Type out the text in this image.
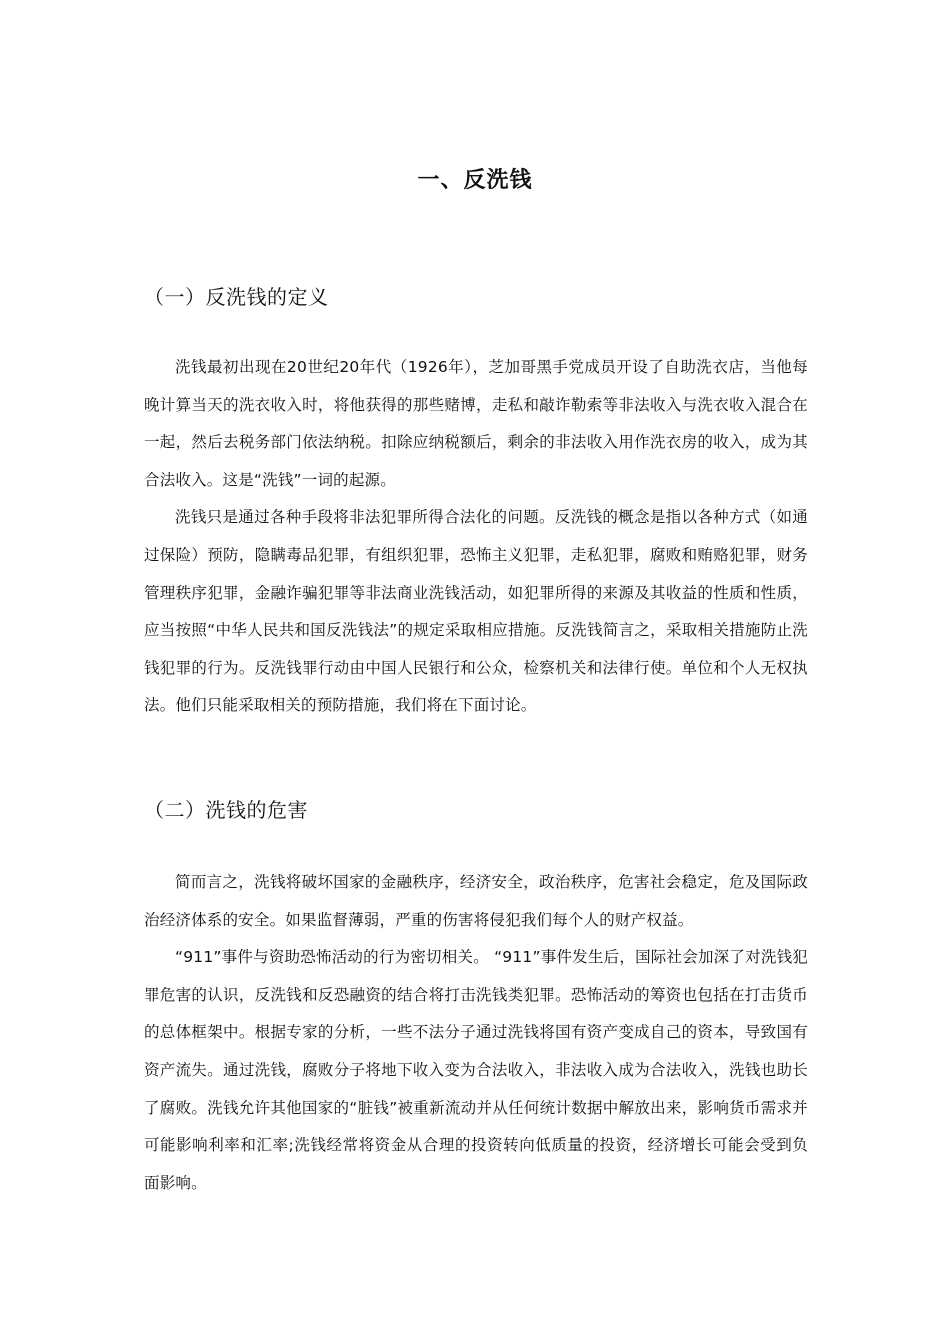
一、反洗钱
（一）反洗钱的定义

洗钱最初出现在20世纪20年代（1926年），芝加哥黑手党成员开设了自助洗衣店，当他每晚计算当天的洗衣收入时，将他获得的那些赌博，走私和敲诈勒索等非法收入与洗衣收入混合在一起，然后去税务部门依法纳税。扣除应纳税额后，剩余的非法收入用作洗衣房的收入，成为其合法收入。这是“洗钱”一词的起源。

洗钱只是通过各种手段将非法犯罪所得合法化的问题。反洗钱的概念是指以各种方式（如通过保险）预防，隐瞒毒品犯罪，有组织犯罪，恐怖主义犯罪，走私犯罪，腐败和贿赂犯罪，财务管理秩序犯罪，金融诈骗犯罪等非法商业洗钱活动，如犯罪所得的来源及其收益的性质和性质，应当按照“中华人民共和国反洗钱法”的规定采取相应措施。反洗钱简言之，采取相关措施防止洗钱犯罪的行为。反洗钱罪行动由中国人民银行和公众，检察机关和法律行使。单位和个人无权执法。他们只能采取相关的预防措施，我们将在下面讨论。

（二）洗钱的危害

简而言之，洗钱将破坏国家的金融秩序，经济安全，政治秩序，危害社会稳定，危及国际政治经济体系的安全。如果监督薄弱，严重的伤害将侵犯我们每个人的财产权益。

“911”事件与资助恐怖活动的行为密切相关。 “911”事件发生后，国际社会加深了对洗钱犯罪危害的认识，反洗钱和反恐融资的结合将打击洗钱类犯罪。恐怖活动的筹资也包括在打击货币的总体框架中。根据专家的分析，一些不法分子通过洗钱将国有资产变成自己的资本，导致国有资产流失。通过洗钱，腐败分子将地下收入变为合法收入，非法收入成为合法收入，洗钱也助长了腐败。洗钱允许其他国家的“脏钱”被重新流动并从任何统计数据中解放出来，影响货币需求并可能影响利率和汇率;洗钱经常将资金从合理的投资转向低质量的投资，经济增长可能会受到负面影响。
